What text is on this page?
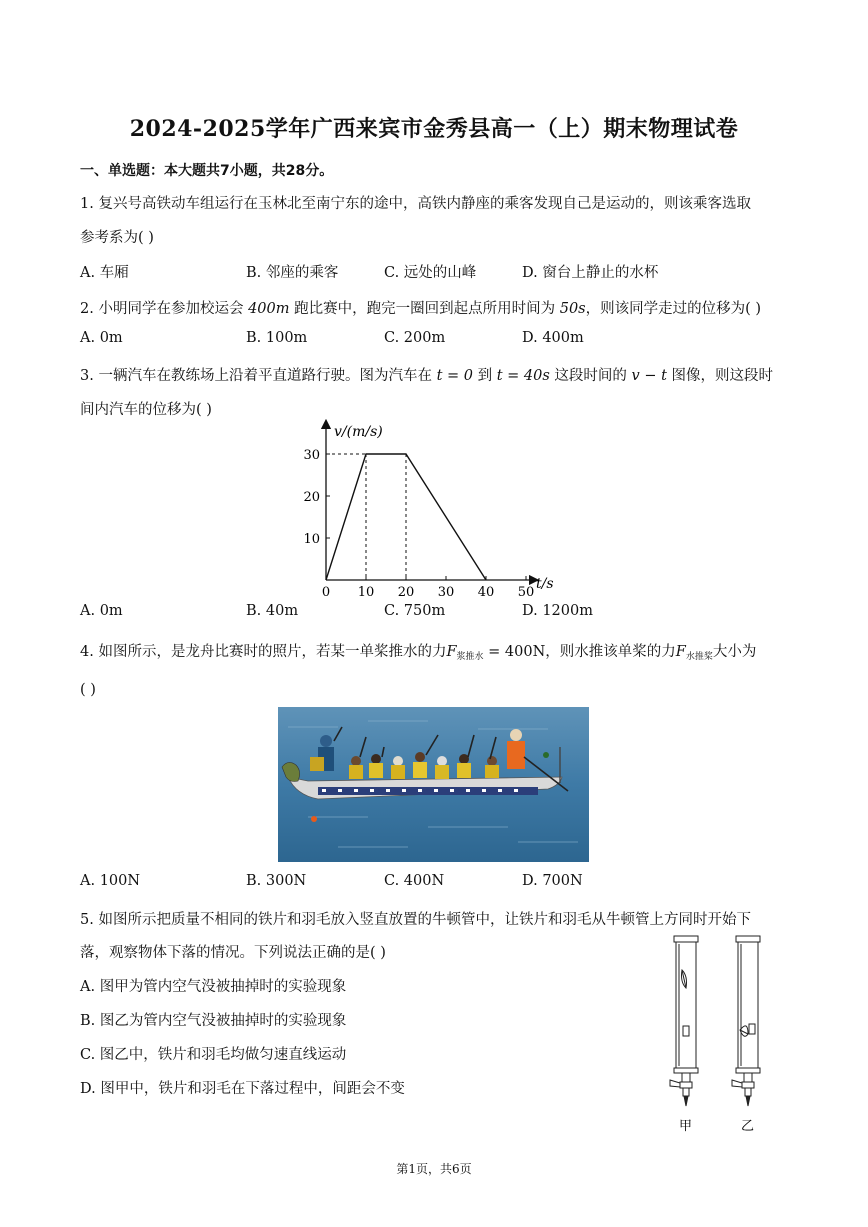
2024-2025学年广西来宾市金秀县高一（上）期末物理试卷
一、单选题：本大题共7小题，共28分。
1. 复兴号高铁动车组运行在玉林北至南宁东的途中，高铁内静座的乘客发现自己是运动的，则该乘客选取
参考系为( )
A. 车厢	B. 邻座的乘客	C. 远处的山峰	D. 窗台上静止的水杯
2. 小明同学在参加校运会 400m 跑比赛中，跑完一圈回到起点所用时间为 50s，则该同学走过的位移为( )
A. 0m	B. 100m	C. 200m	D. 400m
3. 一辆汽车在教练场上沿着平直道路行驶。图为汽车在 t = 0 到 t = 40s 这段时间的 v − t 图像，则这段时
间内汽车的位移为( )
v/(m/s)
t/s
0 10 20 30 40 50
10
20
30
A. 0m	B. 40m	C. 750m	D. 1200m
4. 如图所示，是龙舟比赛时的照片，若某一单桨推水的力$F_{浆推水} = 400N$，则水推该单桨的力$F_{水推桨}$大小为
( )
A. 100N	B. 300N	C. 400N	D. 700N
5. 如图所示把质量不相同的铁片和羽毛放入竖直放置的牛顿管中，让铁片和羽毛从牛顿管上方同时开始下
落，观察物体下落的情况。下列说法正确的是( )
A. 图甲为管内空气没被抽掉时的实验现象
B. 图乙为管内空气没被抽掉时的实验现象
C. 图乙中，铁片和羽毛均做匀速直线运动
D. 图甲中，铁片和羽毛在下落过程中，间距会不变
甲	乙
第1页，共6页
